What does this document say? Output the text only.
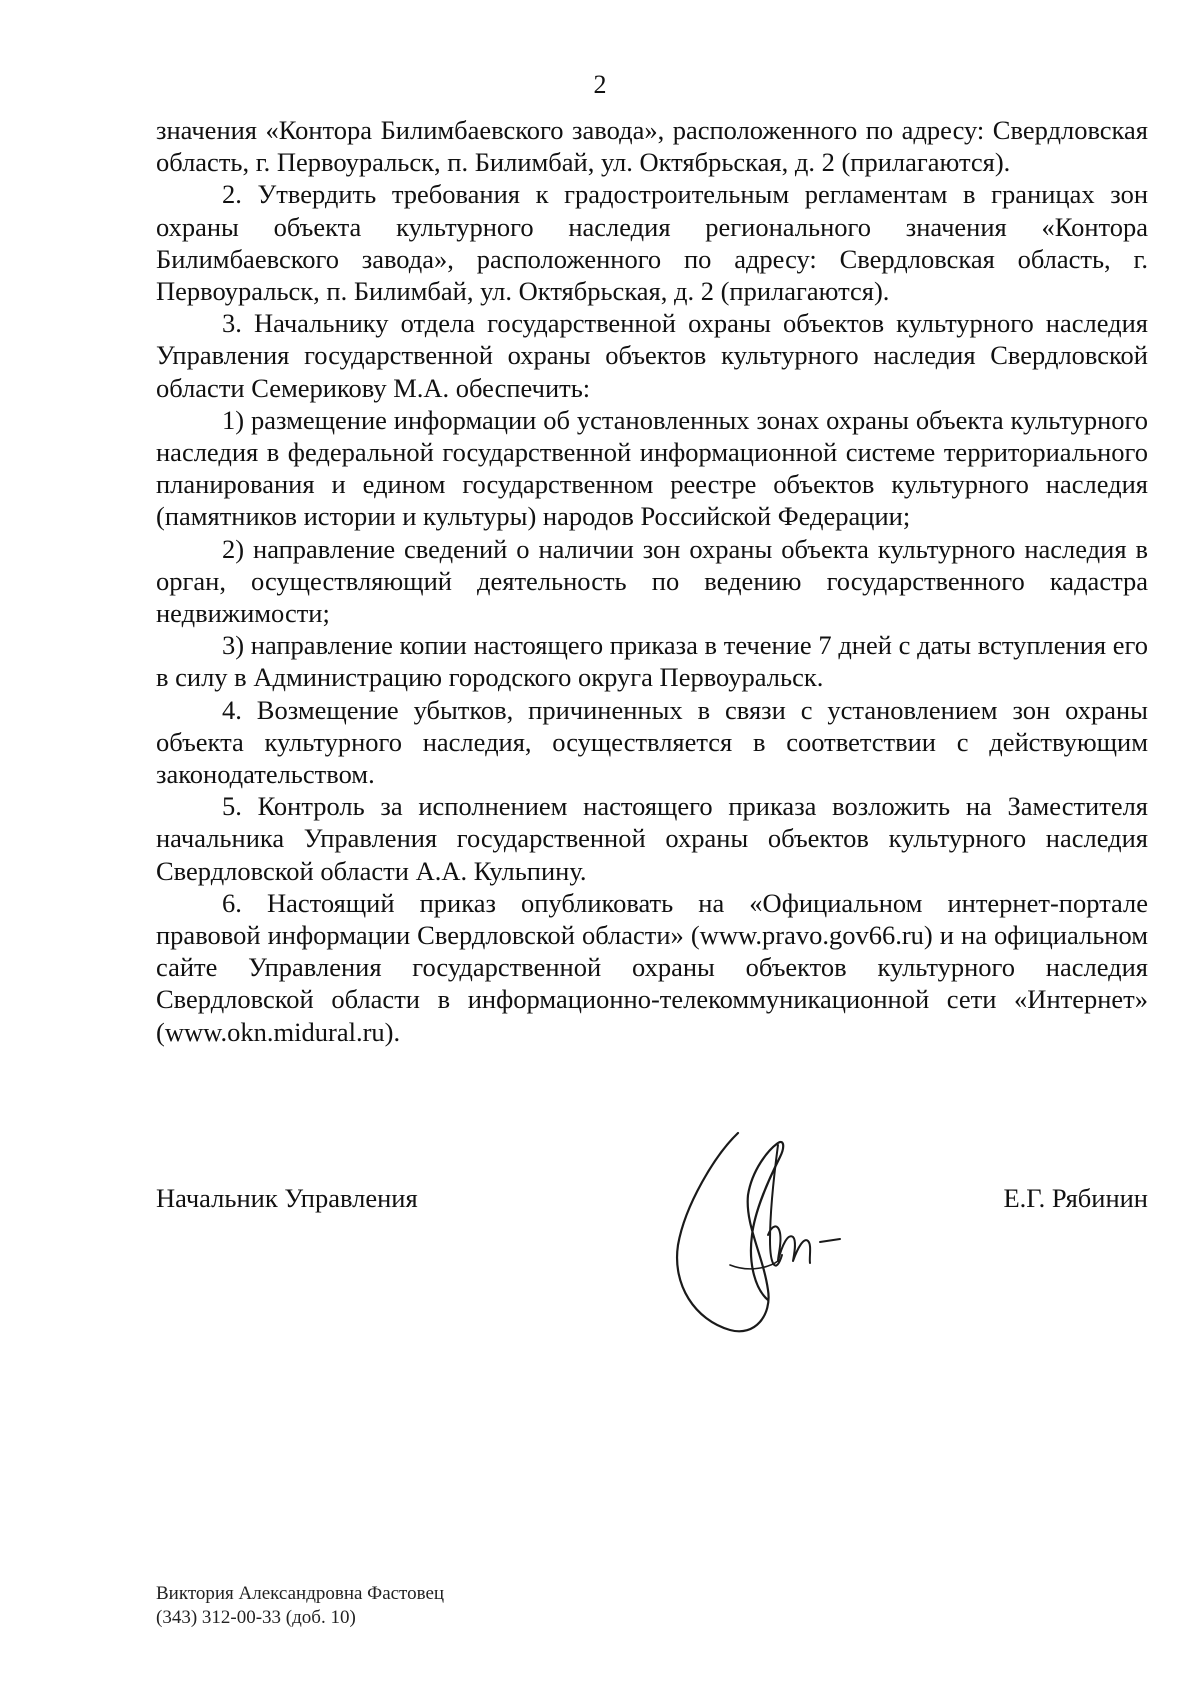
2

значения «Контора Билимбаевского завода», расположенного по адресу: Свердловская область, г. Первоуральск, п. Билимбай, ул. Октябрьская, д. 2 (прилагаются).

2. Утвердить требования к градостроительным регламентам в границах зон охраны объекта культурного наследия регионального значения «Контора Билимбаевского завода», расположенного по адресу: Свердловская область, г. Первоуральск, п. Билимбай, ул. Октябрьская, д. 2 (прилагаются).

3. Начальнику отдела государственной охраны объектов культурного наследия Управления государственной охраны объектов культурного наследия Свердловской области Семерикову М.А. обеспечить:

1) размещение информации об установленных зонах охраны объекта культурного наследия в федеральной государственной информационной системе территориального планирования и едином государственном реестре объектов культурного наследия (памятников истории и культуры) народов Российской Федерации;

2) направление сведений о наличии зон охраны объекта культурного наследия в орган, осуществляющий деятельность по ведению государственного кадастра недвижимости;

3) направление копии настоящего приказа в течение 7 дней с даты вступления его в силу в Администрацию городского округа Первоуральск.

4. Возмещение убытков, причиненных в связи с установлением зон охраны объекта культурного наследия, осуществляется в соответствии с действующим законодательством.

5. Контроль за исполнением настоящего приказа возложить на Заместителя начальника Управления государственной охраны объектов культурного наследия Свердловской области А.А. Кульпину.

6. Настоящий приказ опубликовать на «Официальном интернет-портале правовой информации Свердловской области» (www.pravo.gov66.ru) и на официальном сайте Управления государственной охраны объектов культурного наследия Свердловской области в информационно-телекоммуникационной сети «Интернет» (www.okn.midural.ru).

Начальник Управления	Е.Г. Рябинин
Виктория Александровна Фастовец
(343) 312-00-33 (доб. 10)
